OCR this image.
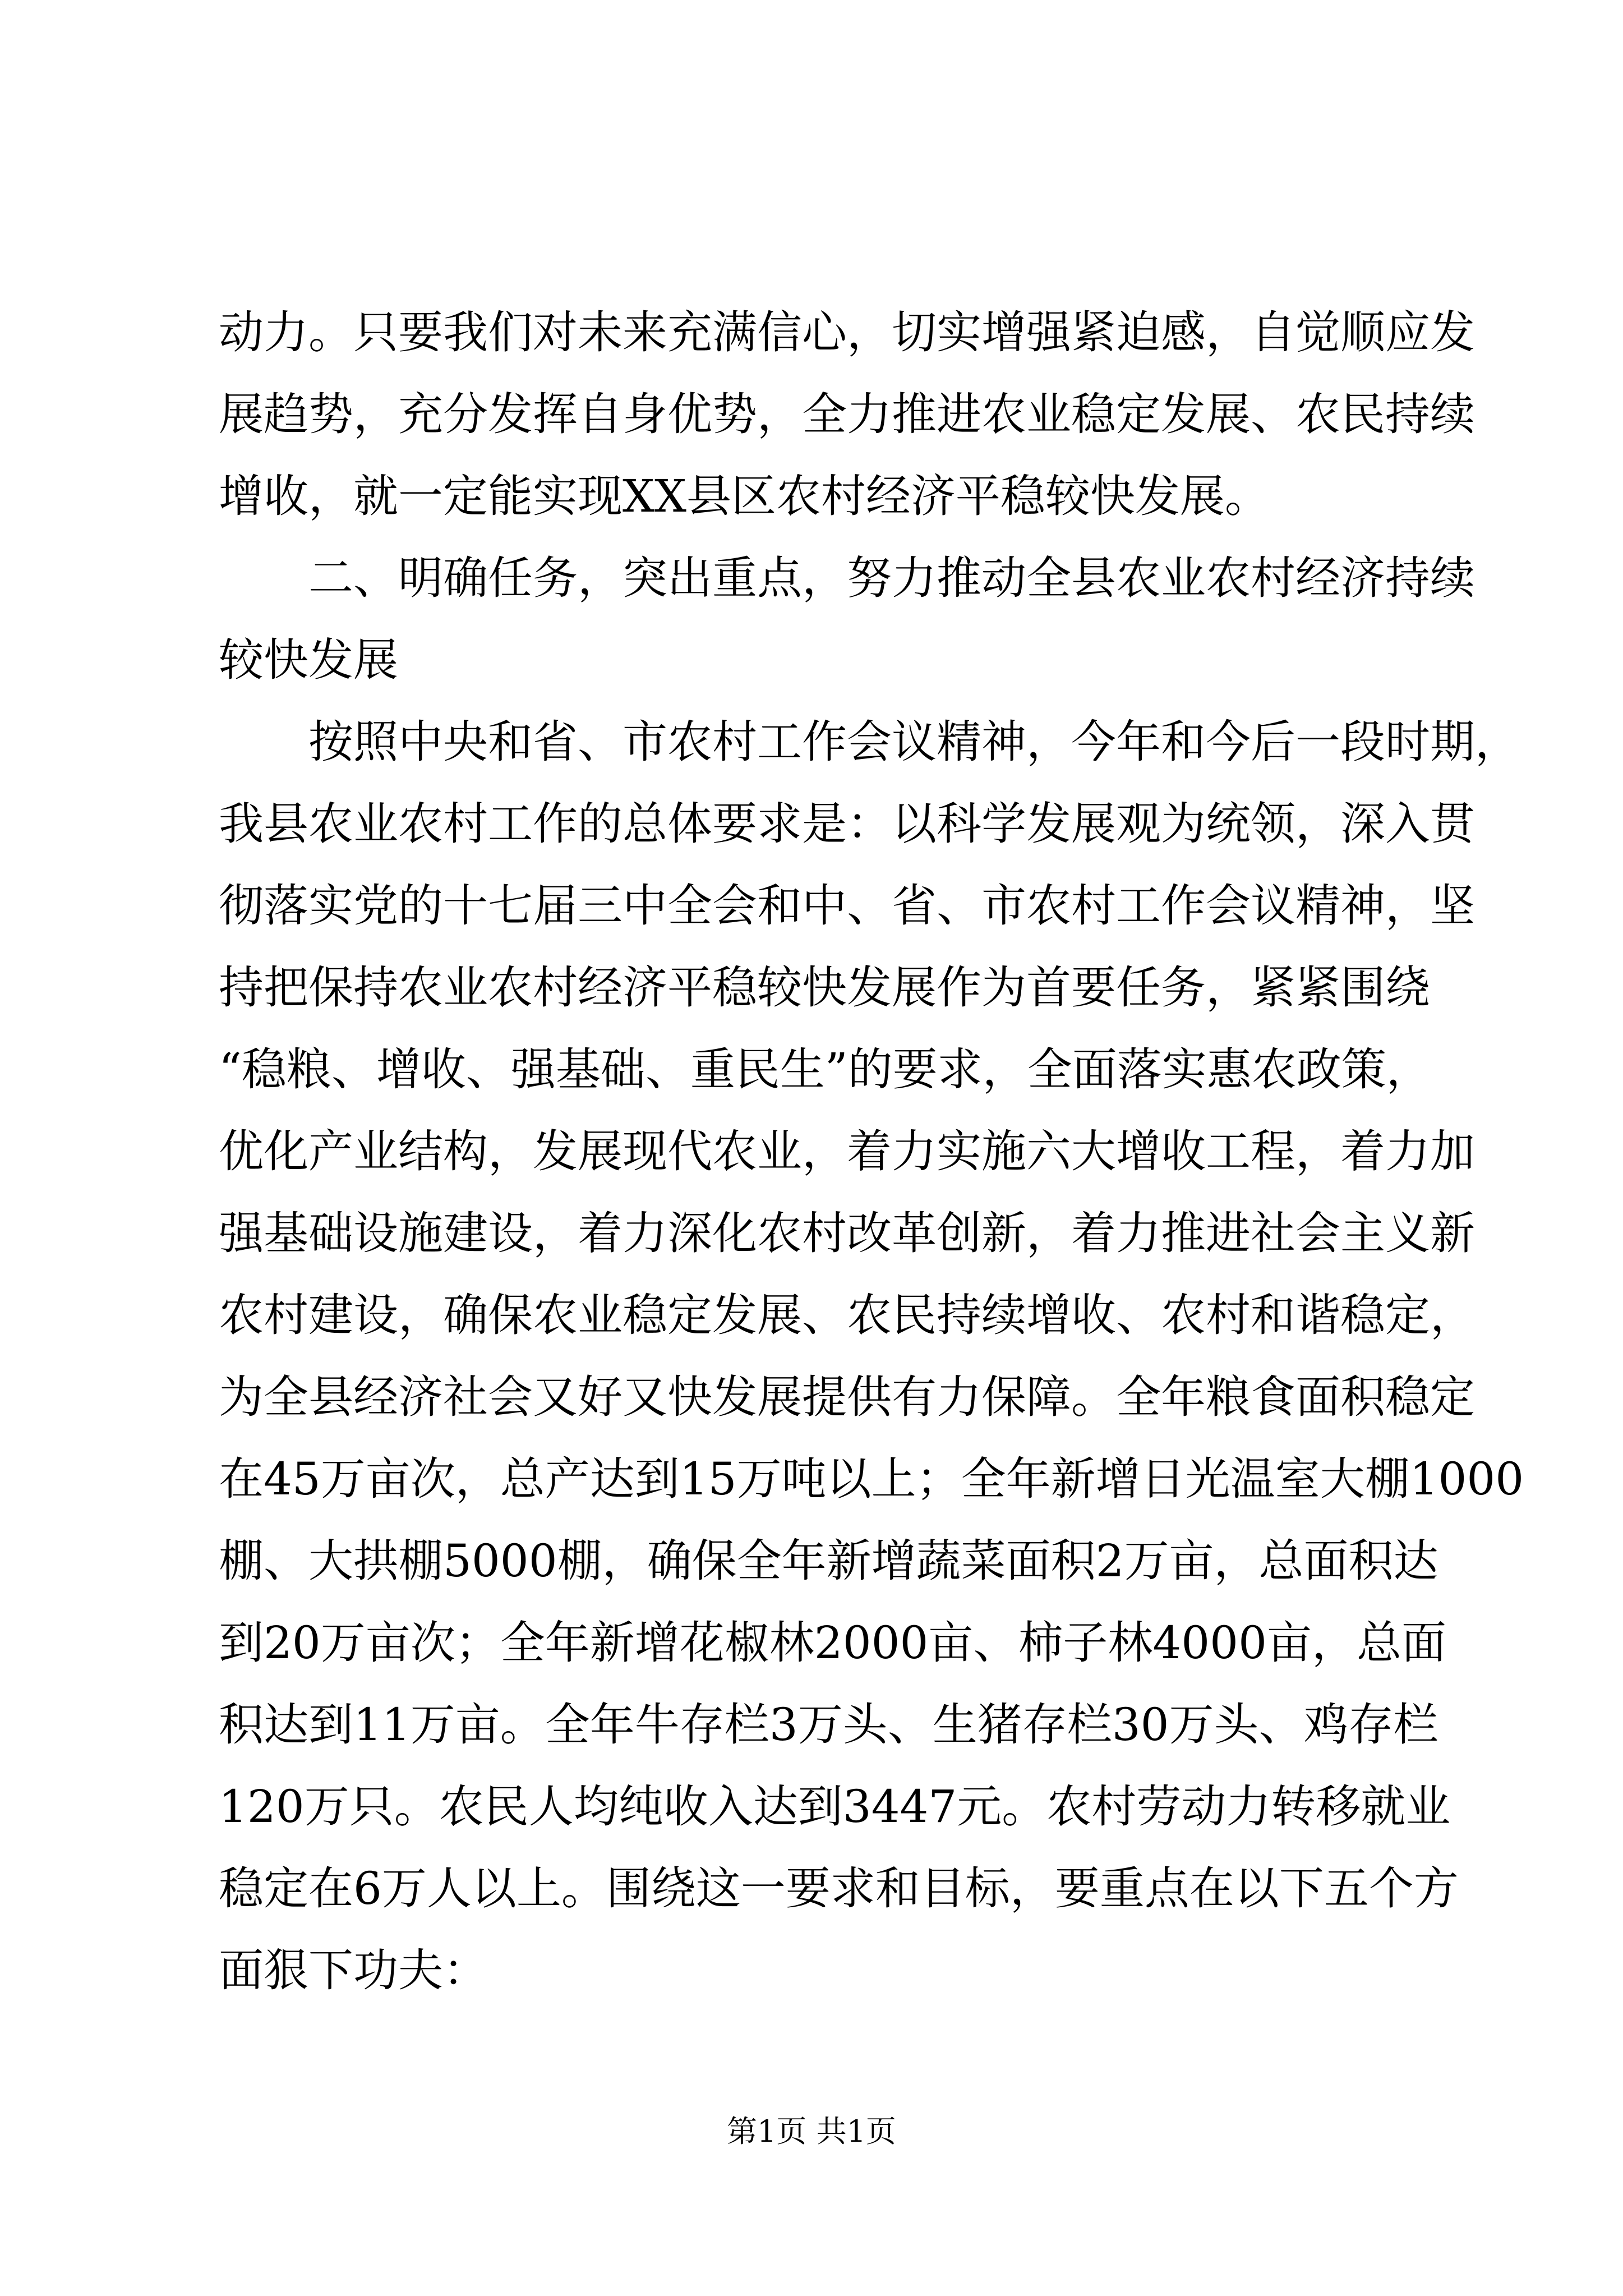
动力。只要我们对未来充满信心，切实增强紧迫感，自觉顺应发
展趋势，充分发挥自身优势，全力推进农业稳定发展、农民持续
增收，就一定能实现XX县区农村经济平稳较快发展。
二、明确任务，突出重点，努力推动全县农业农村经济持续
较快发展
按照中央和省、市农村工作会议精神，今年和今后一段时期，
我县农业农村工作的总体要求是：以科学发展观为统领，深入贯
彻落实党的十七届三中全会和中、省、市农村工作会议精神，坚
持把保持农业农村经济平稳较快发展作为首要任务，紧紧围绕
“稳粮、增收、强基础、重民生”的要求，全面落实惠农政策，
优化产业结构，发展现代农业，着力实施六大增收工程，着力加
强基础设施建设，着力深化农村改革创新，着力推进社会主义新
农村建设，确保农业稳定发展、农民持续增收、农村和谐稳定，
为全县经济社会又好又快发展提供有力保障。全年粮食面积稳定
在45万亩次，总产达到15万吨以上；全年新增日光温室大棚1000
棚、大拱棚5000棚，确保全年新增蔬菜面积2万亩，总面积达
到20万亩次；全年新增花椒林2000亩、柿子林4000亩，总面
积达到11万亩。全年牛存栏3万头、生猪存栏30万头、鸡存栏
120万只。农民人均纯收入达到3447元。农村劳动力转移就业
稳定在6万人以上。围绕这一要求和目标，要重点在以下五个方
面狠下功夫：
第1页 共1页
